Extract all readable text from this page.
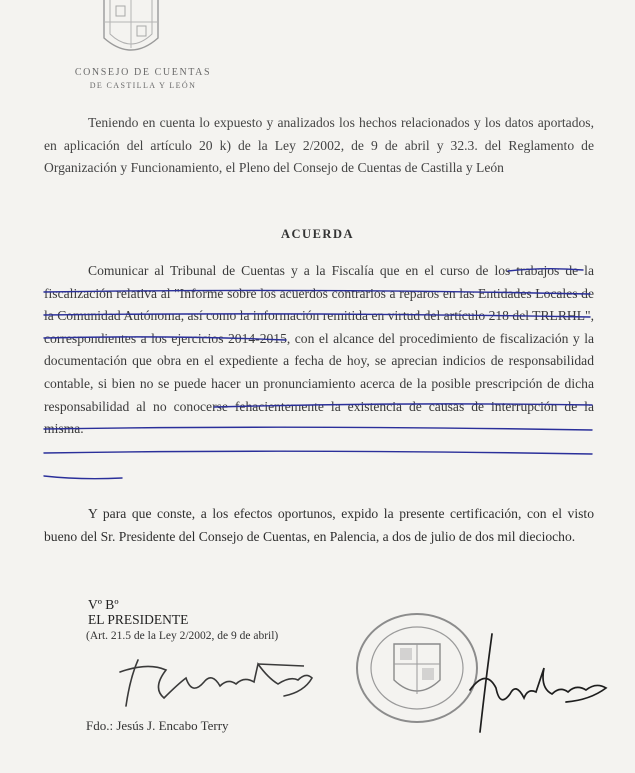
CONSEJO DE CUENTAS
DE CASTILLA Y LEÓN
Teniendo en cuenta lo expuesto y analizados los hechos relacionados y los datos aportados, en aplicación del artículo 20 k) de la Ley 2/2002, de 9 de abril y 32.3. del Reglamento de Organización y Funcionamiento, el Pleno del Consejo de Cuentas de Castilla y León
ACUERDA
Comunicar al Tribunal de Cuentas y a la Fiscalía que en el curso de los trabajos de la fiscalización relativa al "Informe sobre los acuerdos contrarios a reparos en las Entidades Locales de la Comunidad Autónoma, así como la información remitida en virtud del artículo 218 del TRLRHL", correspondientes a los ejercicios 2014-2015, con el alcance del procedimiento de fiscalización y la documentación que obra en el expediente a fecha de hoy, se aprecian indicios de responsabilidad contable, si bien no se puede hacer un pronunciamiento acerca de la posible prescripción de dicha responsabilidad al no conocerse fehacientemente la existencia de causas de interrupción de la misma.
Y para que conste, a los efectos oportunos, expido la presente certificación, con el visto bueno del Sr. Presidente del Consejo de Cuentas, en Palencia, a dos de julio de dos mil dieciocho.
Vº Bº
EL PRESIDENTE
(Art. 21.5 de la Ley 2/2002, de 9 de abril)
Fdo.: Jesús J. Encabo Terry
